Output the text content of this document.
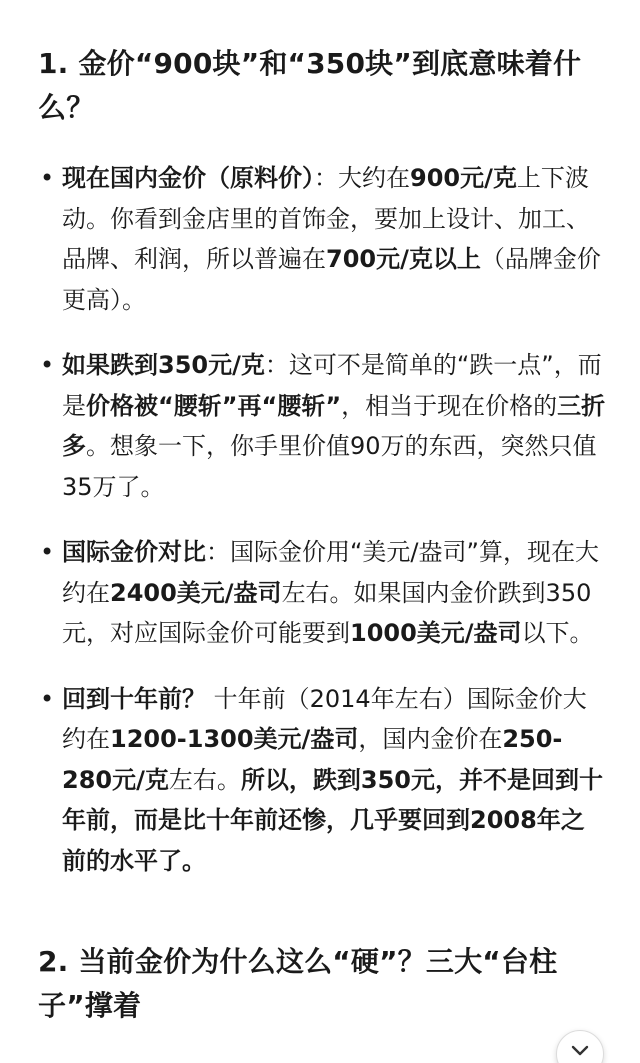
1. 金价“900块”和“350块”到底意味着什么？
• 现在国内金价（原料价）：大约在900元/克上下波动。你看到金店里的首饰金，要加上设计、加工、品牌、利润，所以普遍在700元/克以上（品牌金价更高）。
• 如果跌到350元/克：这可不是简单的“跌一点”，而是价格被“腰斩”再“腰斩”，相当于现在价格的三折多。想象一下，你手里价值90万的东西，突然只值35万了。
• 国际金价对比：国际金价用“美元/盎司”算，现在大约在2400美元/盎司左右。如果国内金价跌到350元，对应国际金价可能要到1000美元/盎司以下。
• 回到十年前？ 十年前（2014年左右）国际金价大约在1200-1300美元/盎司，国内金价在250-280元/克左右。所以，跌到350元，并不是回到十年前，而是比十年前还惨，几乎要回到2008年之前的水平了。
2. 当前金价为什么这么“硬”？三大“台柱子”撑着
